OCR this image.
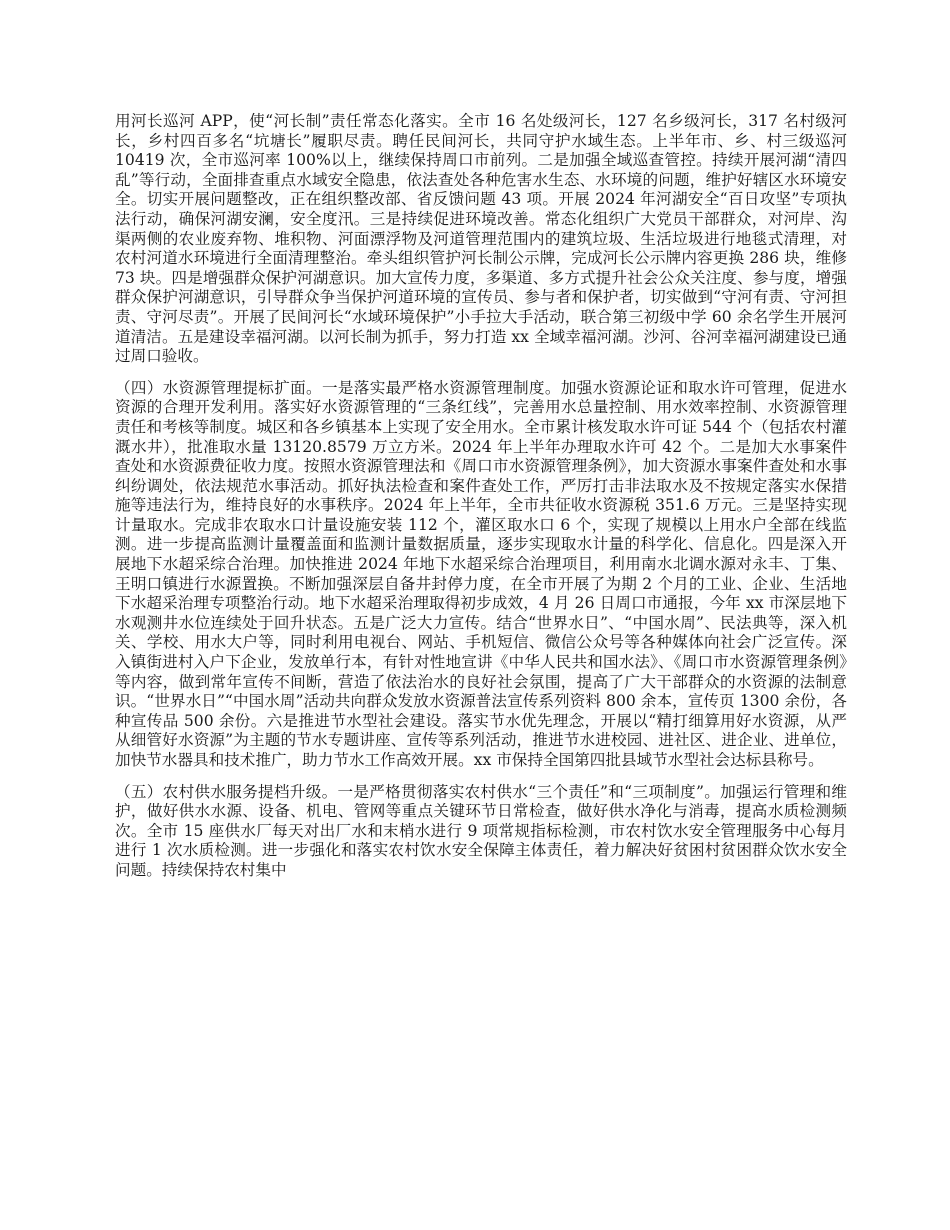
用河长巡河 APP，使“河长制”责任常态化落实。全市 16 名处级河长，127 名乡级河长，317 名村级河长，乡村四百多名“坑塘长”履职尽责。聘任民间河长，共同守护水域生态。上半年市、乡、村三级巡河 10419 次，全市巡河率 100%以上，继续保持周口市前列。二是加强全域巡查管控。持续开展河湖“清四乱”等行动，全面排查重点水域安全隐患，依法查处各种危害水生态、水环境的问题，维护好辖区水环境安全。切实开展问题整改，正在组织整改部、省反馈问题 43 项。开展 2024 年河湖安全“百日攻坚”专项执法行动，确保河湖安澜，安全度汛。三是持续促进环境改善。常态化组织广大党员干部群众，对河岸、沟渠两侧的农业废弃物、堆积物、河面漂浮物及河道管理范围内的建筑垃圾、生活垃圾进行地毯式清理，对农村河道水环境进行全面清理整治。牵头组织管护河长制公示牌，完成河长公示牌内容更换 286 块，维修 73 块。四是增强群众保护河湖意识。加大宣传力度，多渠道、多方式提升社会公众关注度、参与度，增强群众保护河湖意识，引导群众争当保护河道环境的宣传员、参与者和保护者，切实做到“守河有责、守河担责、守河尽责”。开展了民间河长“水域环境保护”小手拉大手活动，联合第三初级中学 60 余名学生开展河道清洁。五是建设幸福河湖。以河长制为抓手，努力打造 xx 全域幸福河湖。沙河、谷河幸福河湖建设已通过周口验收。

（四）水资源管理提标扩面。一是落实最严格水资源管理制度。加强水资源论证和取水许可管理，促进水资源的合理开发利用。落实好水资源管理的“三条红线”，完善用水总量控制、用水效率控制、水资源管理责任和考核等制度。城区和各乡镇基本上实现了安全用水。全市累计核发取水许可证 544 个（包括农村灌溉水井），批准取水量 13120.8579 万立方米。2024 年上半年办理取水许可 42 个。二是加大水事案件查处和水资源费征收力度。按照水资源管理法和《周口市水资源管理条例》，加大资源水事案件查处和水事纠纷调处，依法规范水事活动。抓好执法检查和案件查处工作，严厉打击非法取水及不按规定落实水保措施等违法行为，维持良好的水事秩序。2024 年上半年，全市共征收水资源税 351.6 万元。三是坚持实现计量取水。完成非农取水口计量设施安装 112 个，灌区取水口 6 个，实现了规模以上用水户全部在线监测。进一步提高监测计量覆盖面和监测计量数据质量，逐步实现取水计量的科学化、信息化。四是深入开展地下水超采综合治理。加快推进 2024 年地下水超采综合治理项目，利用南水北调水源对永丰、丁集、王明口镇进行水源置换。不断加强深层自备井封停力度，在全市开展了为期 2 个月的工业、企业、生活地下水超采治理专项整治行动。地下水超采治理取得初步成效，4 月 26 日周口市通报，今年 xx 市深层地下水观测井水位连续处于回升状态。五是广泛大力宣传。结合“世界水日”、“中国水周”、民法典等，深入机关、学校、用水大户等，同时利用电视台、网站、手机短信、微信公众号等各种媒体向社会广泛宣传。深入镇街进村入户下企业，发放单行本，有针对性地宣讲《中华人民共和国水法》、《周口市水资源管理条例》等内容，做到常年宣传不间断，营造了依法治水的良好社会氛围，提高了广大干部群众的水资源的法制意识。“世界水日”“中国水周”活动共向群众发放水资源普法宣传系列资料 800 余本，宣传页 1300 余份，各种宣传品 500 余份。六是推进节水型社会建设。落实节水优先理念，开展以“精打细算用好水资源，从严从细管好水资源”为主题的节水专题讲座、宣传等系列活动，推进节水进校园、进社区、进企业、进单位，加快节水器具和技术推广，助力节水工作高效开展。xx 市保持全国第四批县域节水型社会达标县称号。

（五）农村供水服务提档升级。一是严格贯彻落实农村供水“三个责任”和“三项制度”。加强运行管理和维护，做好供水水源、设备、机电、管网等重点关键环节日常检查，做好供水净化与消毒，提高水质检测频次。全市 15 座供水厂每天对出厂水和末梢水进行 9 项常规指标检测，市农村饮水安全管理服务中心每月进行 1 次水质检测。进一步强化和落实农村饮水安全保障主体责任，着力解决好贫困村贫困群众饮水安全问题。持续保持农村集中
